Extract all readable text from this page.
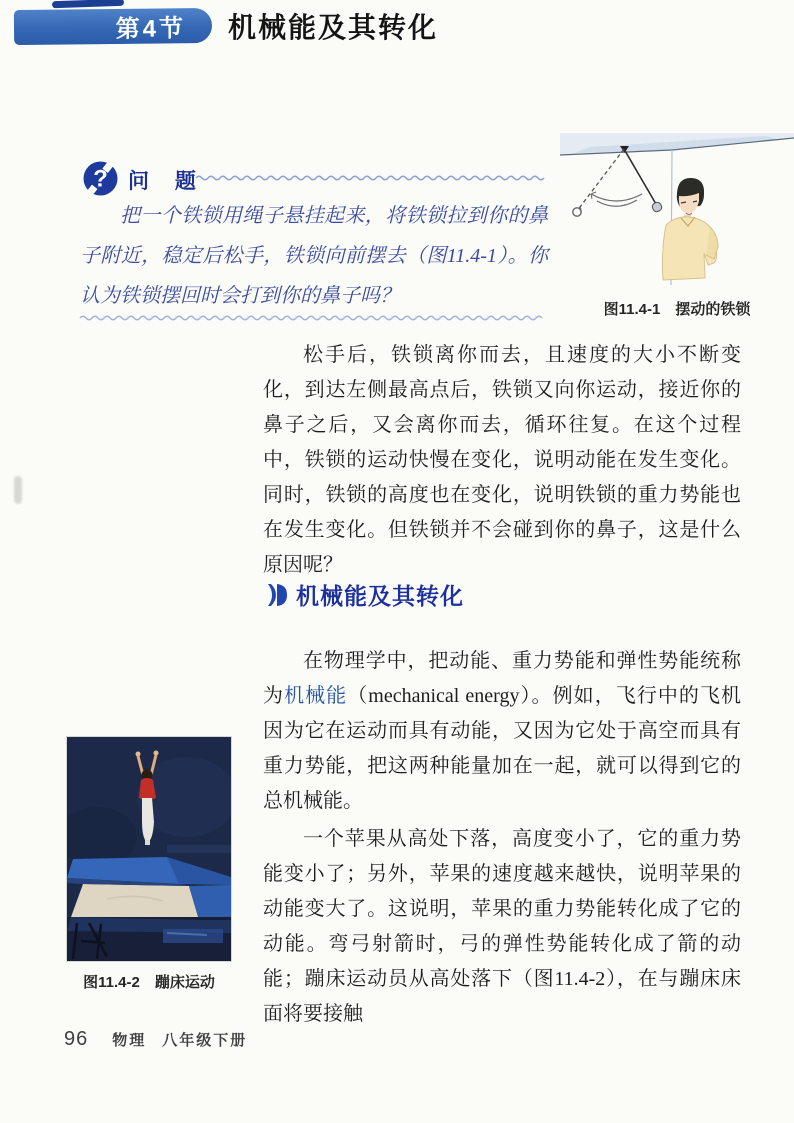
第4节 机械能及其转化
? 问 题
把一个铁锁用绳子悬挂起来，将铁锁拉到你的鼻子附近，稳定后松手，铁锁向前摆去（图11.4-1）。你认为铁锁摆回时会打到你的鼻子吗？
图11.4-1　摆动的铁锁

松手后，铁锁离你而去，且速度的大小不断变化，到达左侧最高点后，铁锁又向你运动，接近你的鼻子之后，又会离你而去，循环往复。在这个过程中，铁锁的运动快慢在变化，说明动能在发生变化。同时，铁锁的高度也在变化，说明铁锁的重力势能也在发生变化。但铁锁并不会碰到你的鼻子，这是什么原因呢？

机械能及其转化

在物理学中，把动能、重力势能和弹性势能统称为机械能（mechanical energy）。例如，飞行中的飞机因为它在运动而具有动能，又因为它处于高空而具有重力势能，把这两种能量加在一起，就可以得到它的总机械能。

一个苹果从高处下落，高度变小了，它的重力势能变小了；另外，苹果的速度越来越快，说明苹果的动能变大了。这说明，苹果的重力势能转化成了它的动能。弯弓射箭时，弓的弹性势能转化成了箭的动能；蹦床运动员从高处落下（图11.4-2），在与蹦床床面将要接触

图11.4-2　蹦床运动
96 物理 八年级下册
